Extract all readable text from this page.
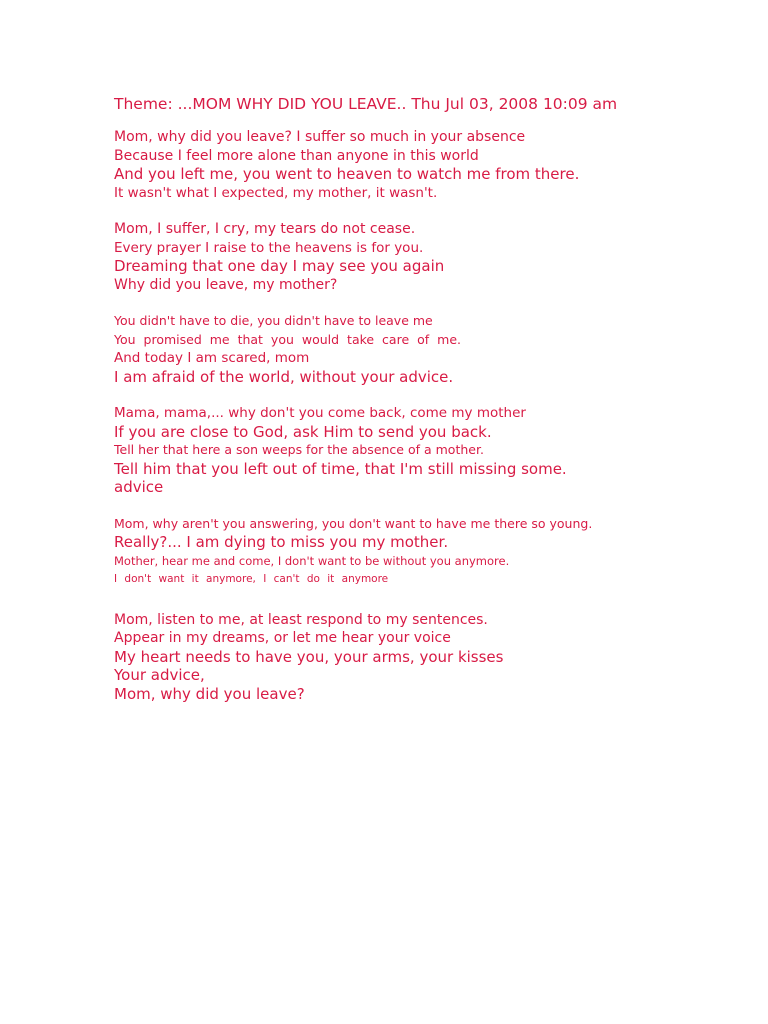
Theme: ...MOM WHY DID YOU LEAVE.. Thu Jul 03, 2008 10:09 am
Mom, why did you leave? I suffer so much in your absence
Because I feel more alone than anyone in this world
And you left me, you went to heaven to watch me from there.
It wasn't what I expected, my mother, it wasn't.
Mom, I suffer, I cry, my tears do not cease.
Every prayer I raise to the heavens is for you.
Dreaming that one day I may see you again
Why did you leave, my mother?
You didn't have to die, you didn't have to leave me
You promised me that you would take care of me.
And today I am scared, mom
I am afraid of the world, without your advice.
Mama, mama,... why don't you come back, come my mother
If you are close to God, ask Him to send you back.
Tell her that here a son weeps for the absence of a mother.
Tell him that you left out of time, that I'm still missing some. advice
Mom, why aren't you answering, you don't want to have me there so young.
Really?... I am dying to miss you my mother.
Mother, hear me and come, I don't want to be without you anymore.
I don't want it anymore, I can't do it anymore
Mom, listen to me, at least respond to my sentences.
Appear in my dreams, or let me hear your voice
My heart needs to have you, your arms, your kisses
Your advice,
Mom, why did you leave?
